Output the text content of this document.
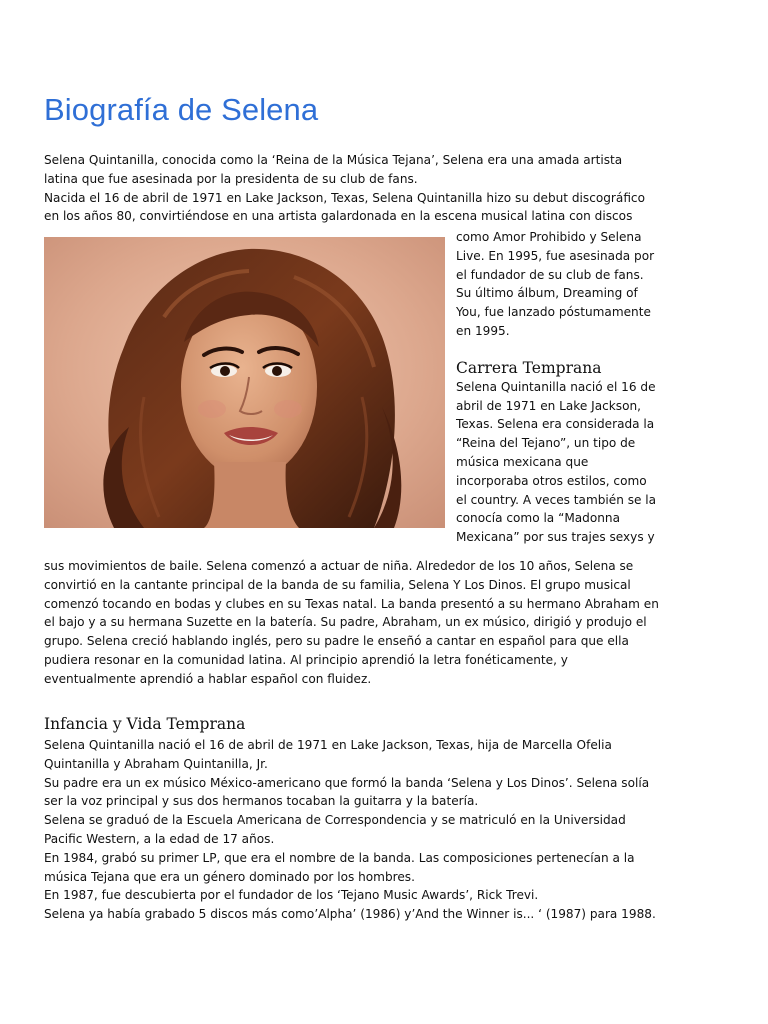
Biografía de Selena
Selena Quintanilla, conocida como la ‘Reina de la Música Tejana’, Selena era una amada artista
latina que fue asesinada por la presidenta de su club de fans.
Nacida el 16 de abril de 1971 en Lake Jackson, Texas, Selena Quintanilla hizo su debut discográfico
en los años 80, convirtiéndose en una artista galardonada en la escena musical latina con discos
como Amor Prohibido y Selena
Live. En 1995, fue asesinada por
el fundador de su club de fans.
Su último álbum, Dreaming of
You, fue lanzado póstumamente
en 1995.
Carrera Temprana
Selena Quintanilla nació el 16 de
abril de 1971 en Lake Jackson,
Texas. Selena era considerada la
“Reina del Tejano”, un tipo de
música mexicana que
incorporaba otros estilos, como
el country. A veces también se la
conocía como la “Madonna
Mexicana” por sus trajes sexys y
sus movimientos de baile. Selena comenzó a actuar de niña. Alrededor de los 10 años, Selena se
convirtió en la cantante principal de la banda de su familia, Selena Y Los Dinos. El grupo musical
comenzó tocando en bodas y clubes en su Texas natal. La banda presentó a su hermano Abraham en
el bajo y a su hermana Suzette en la batería. Su padre, Abraham, un ex músico, dirigió y produjo el
grupo. Selena creció hablando inglés, pero su padre le enseñó a cantar en español para que ella
pudiera resonar en la comunidad latina. Al principio aprendió la letra fonéticamente, y
eventualmente aprendió a hablar español con fluidez.
Infancia y Vida Temprana
Selena Quintanilla nació el 16 de abril de 1971 en Lake Jackson, Texas, hija de Marcella Ofelia
Quintanilla y Abraham Quintanilla, Jr.
Su padre era un ex músico México-americano que formó la banda ‘Selena y Los Dinos’. Selena solía
ser la voz principal y sus dos hermanos tocaban la guitarra y la batería.
Selena se graduó de la Escuela Americana de Correspondencia y se matriculó en la Universidad
Pacific Western, a la edad de 17 años.
En 1984, grabó su primer LP, que era el nombre de la banda. Las composiciones pertenecían a la
música Tejana que era un género dominado por los hombres.
En 1987, fue descubierta por el fundador de los ‘Tejano Music Awards’, Rick Trevi.
Selena ya había grabado 5 discos más como’Alpha’ (1986) y’And the Winner is... ‘ (1987) para 1988.
